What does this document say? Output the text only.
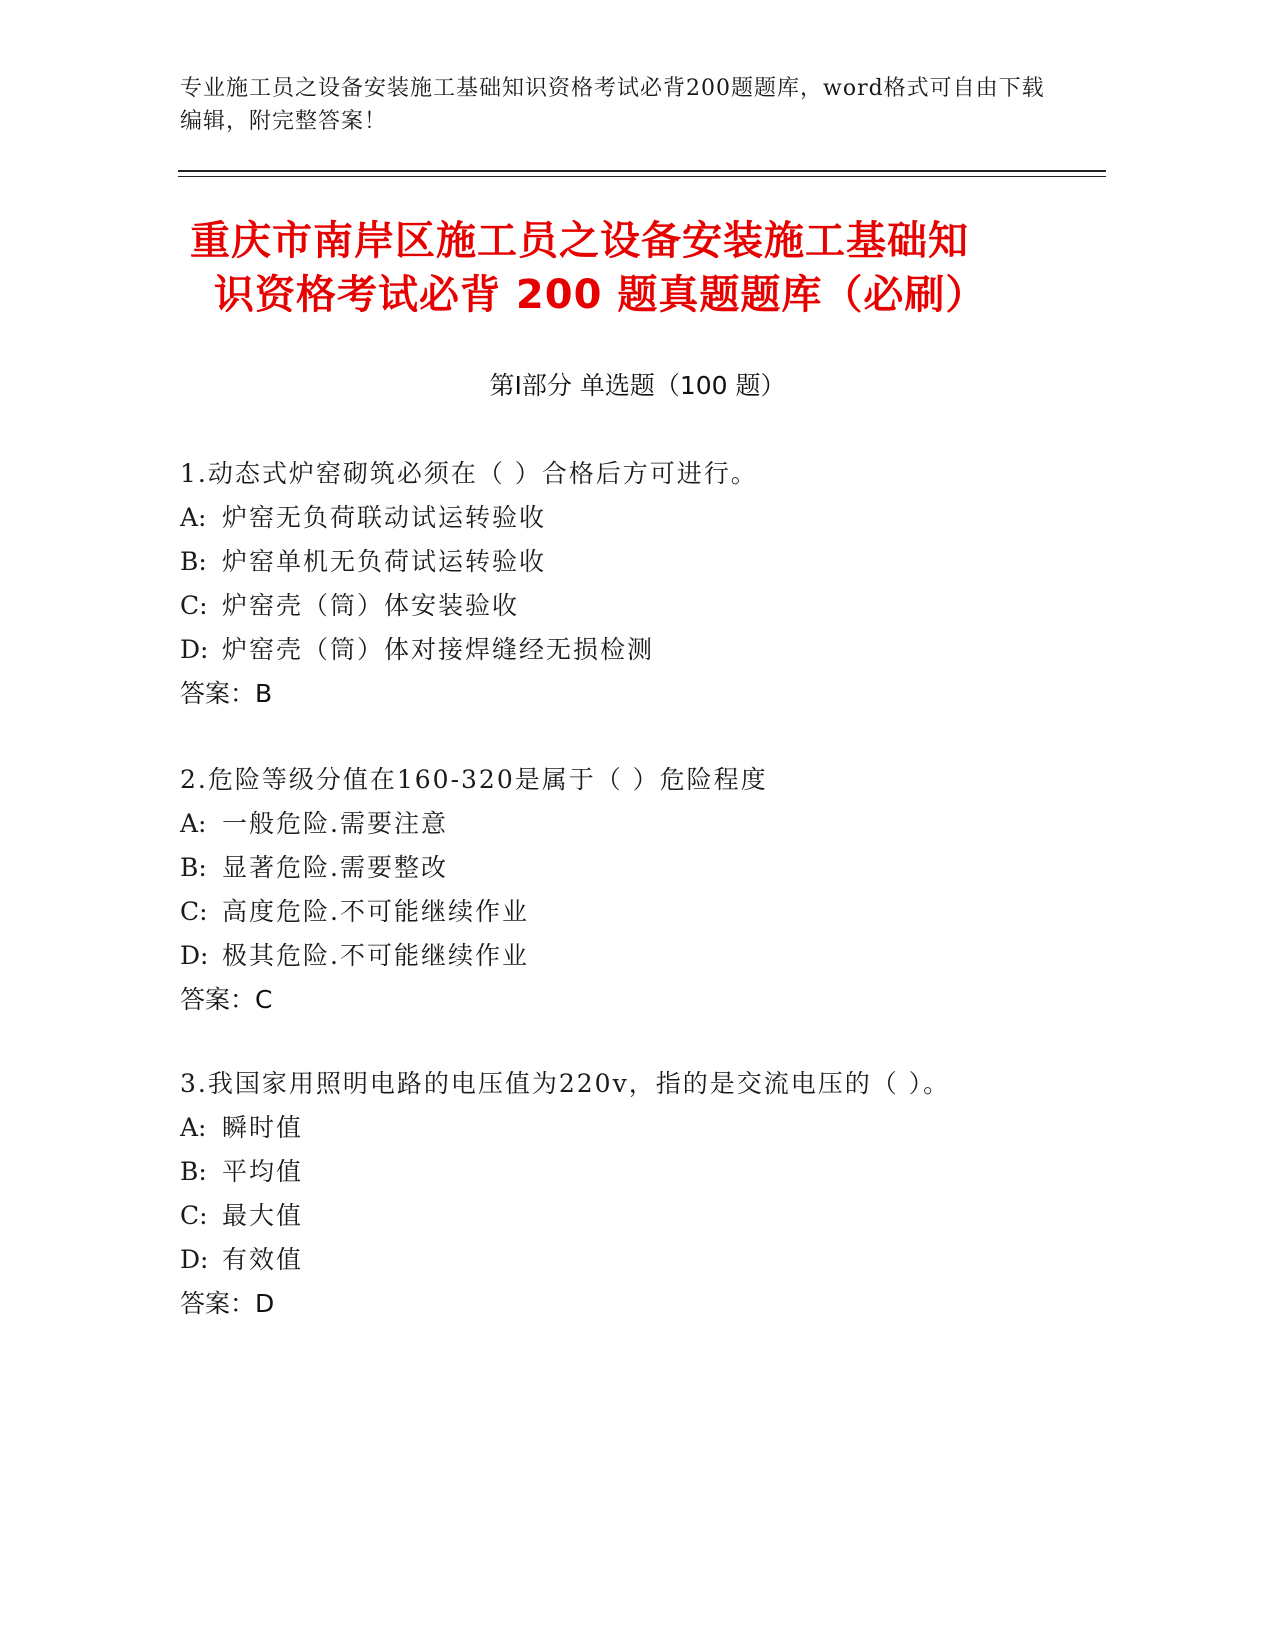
专业施工员之设备安装施工基础知识资格考试必背200题题库，word格式可自由下载编辑，附完整答案！
重庆市南岸区施工员之设备安装施工基础知
识资格考试必背 200 题真题题库（必刷）
第Ⅰ部分 单选题（100 题）
1.动态式炉窑砌筑必须在（ ）合格后方可进行。
A: 炉窑无负荷联动试运转验收
B: 炉窑单机无负荷试运转验收
C: 炉窑壳（筒）体安装验收
D: 炉窑壳（筒）体对接焊缝经无损检测
答案：B
2.危险等级分值在160-320是属于（ ）危险程度
A: 一般危险.需要注意
B: 显著危险.需要整改
C: 高度危险.不可能继续作业
D: 极其危险.不可能继续作业
答案：C
3.我国家用照明电路的电压值为220v，指的是交流电压的（ ）。
A: 瞬时值
B: 平均值
C: 最大值
D: 有效值
答案：D
